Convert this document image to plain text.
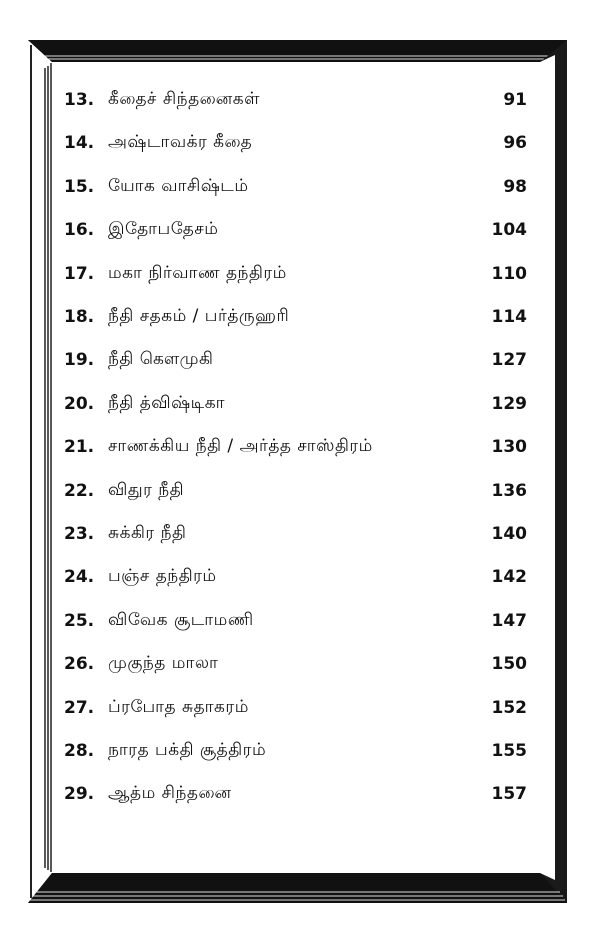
13. கீதைச் சிந்தனைகள்	91
14. அஷ்டாவக்ர கீதை	96
15. யோக வாசிஷ்டம்	98
16. இதோபதேசம்	104
17. மகா நிர்வாண தந்திரம்	110
18. நீதி சதகம் / பர்த்ருஹரி	114
19. நீதி கௌமுகி	127
20. நீதி த்விஷ்டிகா	129
21. சாணக்கிய நீதி / அர்த்த சாஸ்திரம்	130
22. விதுர நீதி	136
23. சுக்கிர நீதி	140
24. பஞ்ச தந்திரம்	142
25. விவேக சூடாமணி	147
26. முகுந்த மாலா	150
27. ப்ரபோத சுதாகரம்	152
28. நாரத பக்தி சூத்திரம்	155
29. ஆத்ம சிந்தனை	157
